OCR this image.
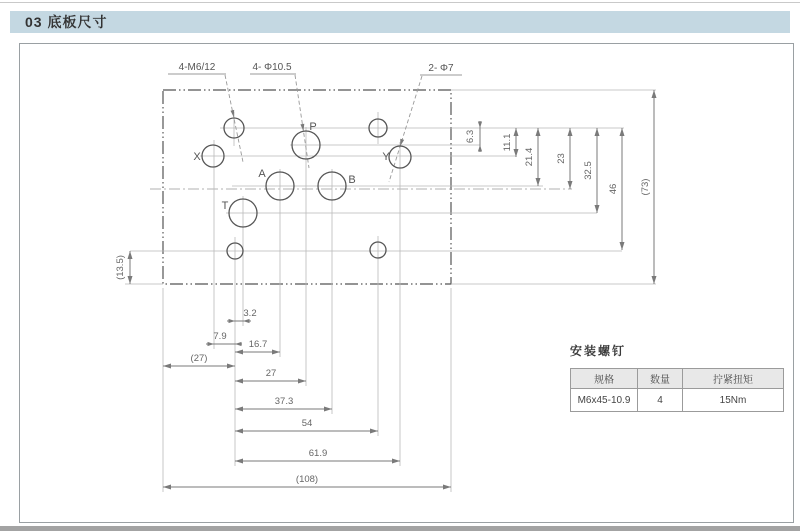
03 底板尺寸
4-M6/12	4- Φ10.5	2- Φ7
P
A	B
T
X	Y
3.2
7.9
16.7
(27)
27
37.3
54
61.9
(108)
6.3	11.1
21.4 23
32.5
46 (73)
(13.5)

安装螺钉

规格	数量	拧紧扭矩
M6x45-10.9	4	15Nm
